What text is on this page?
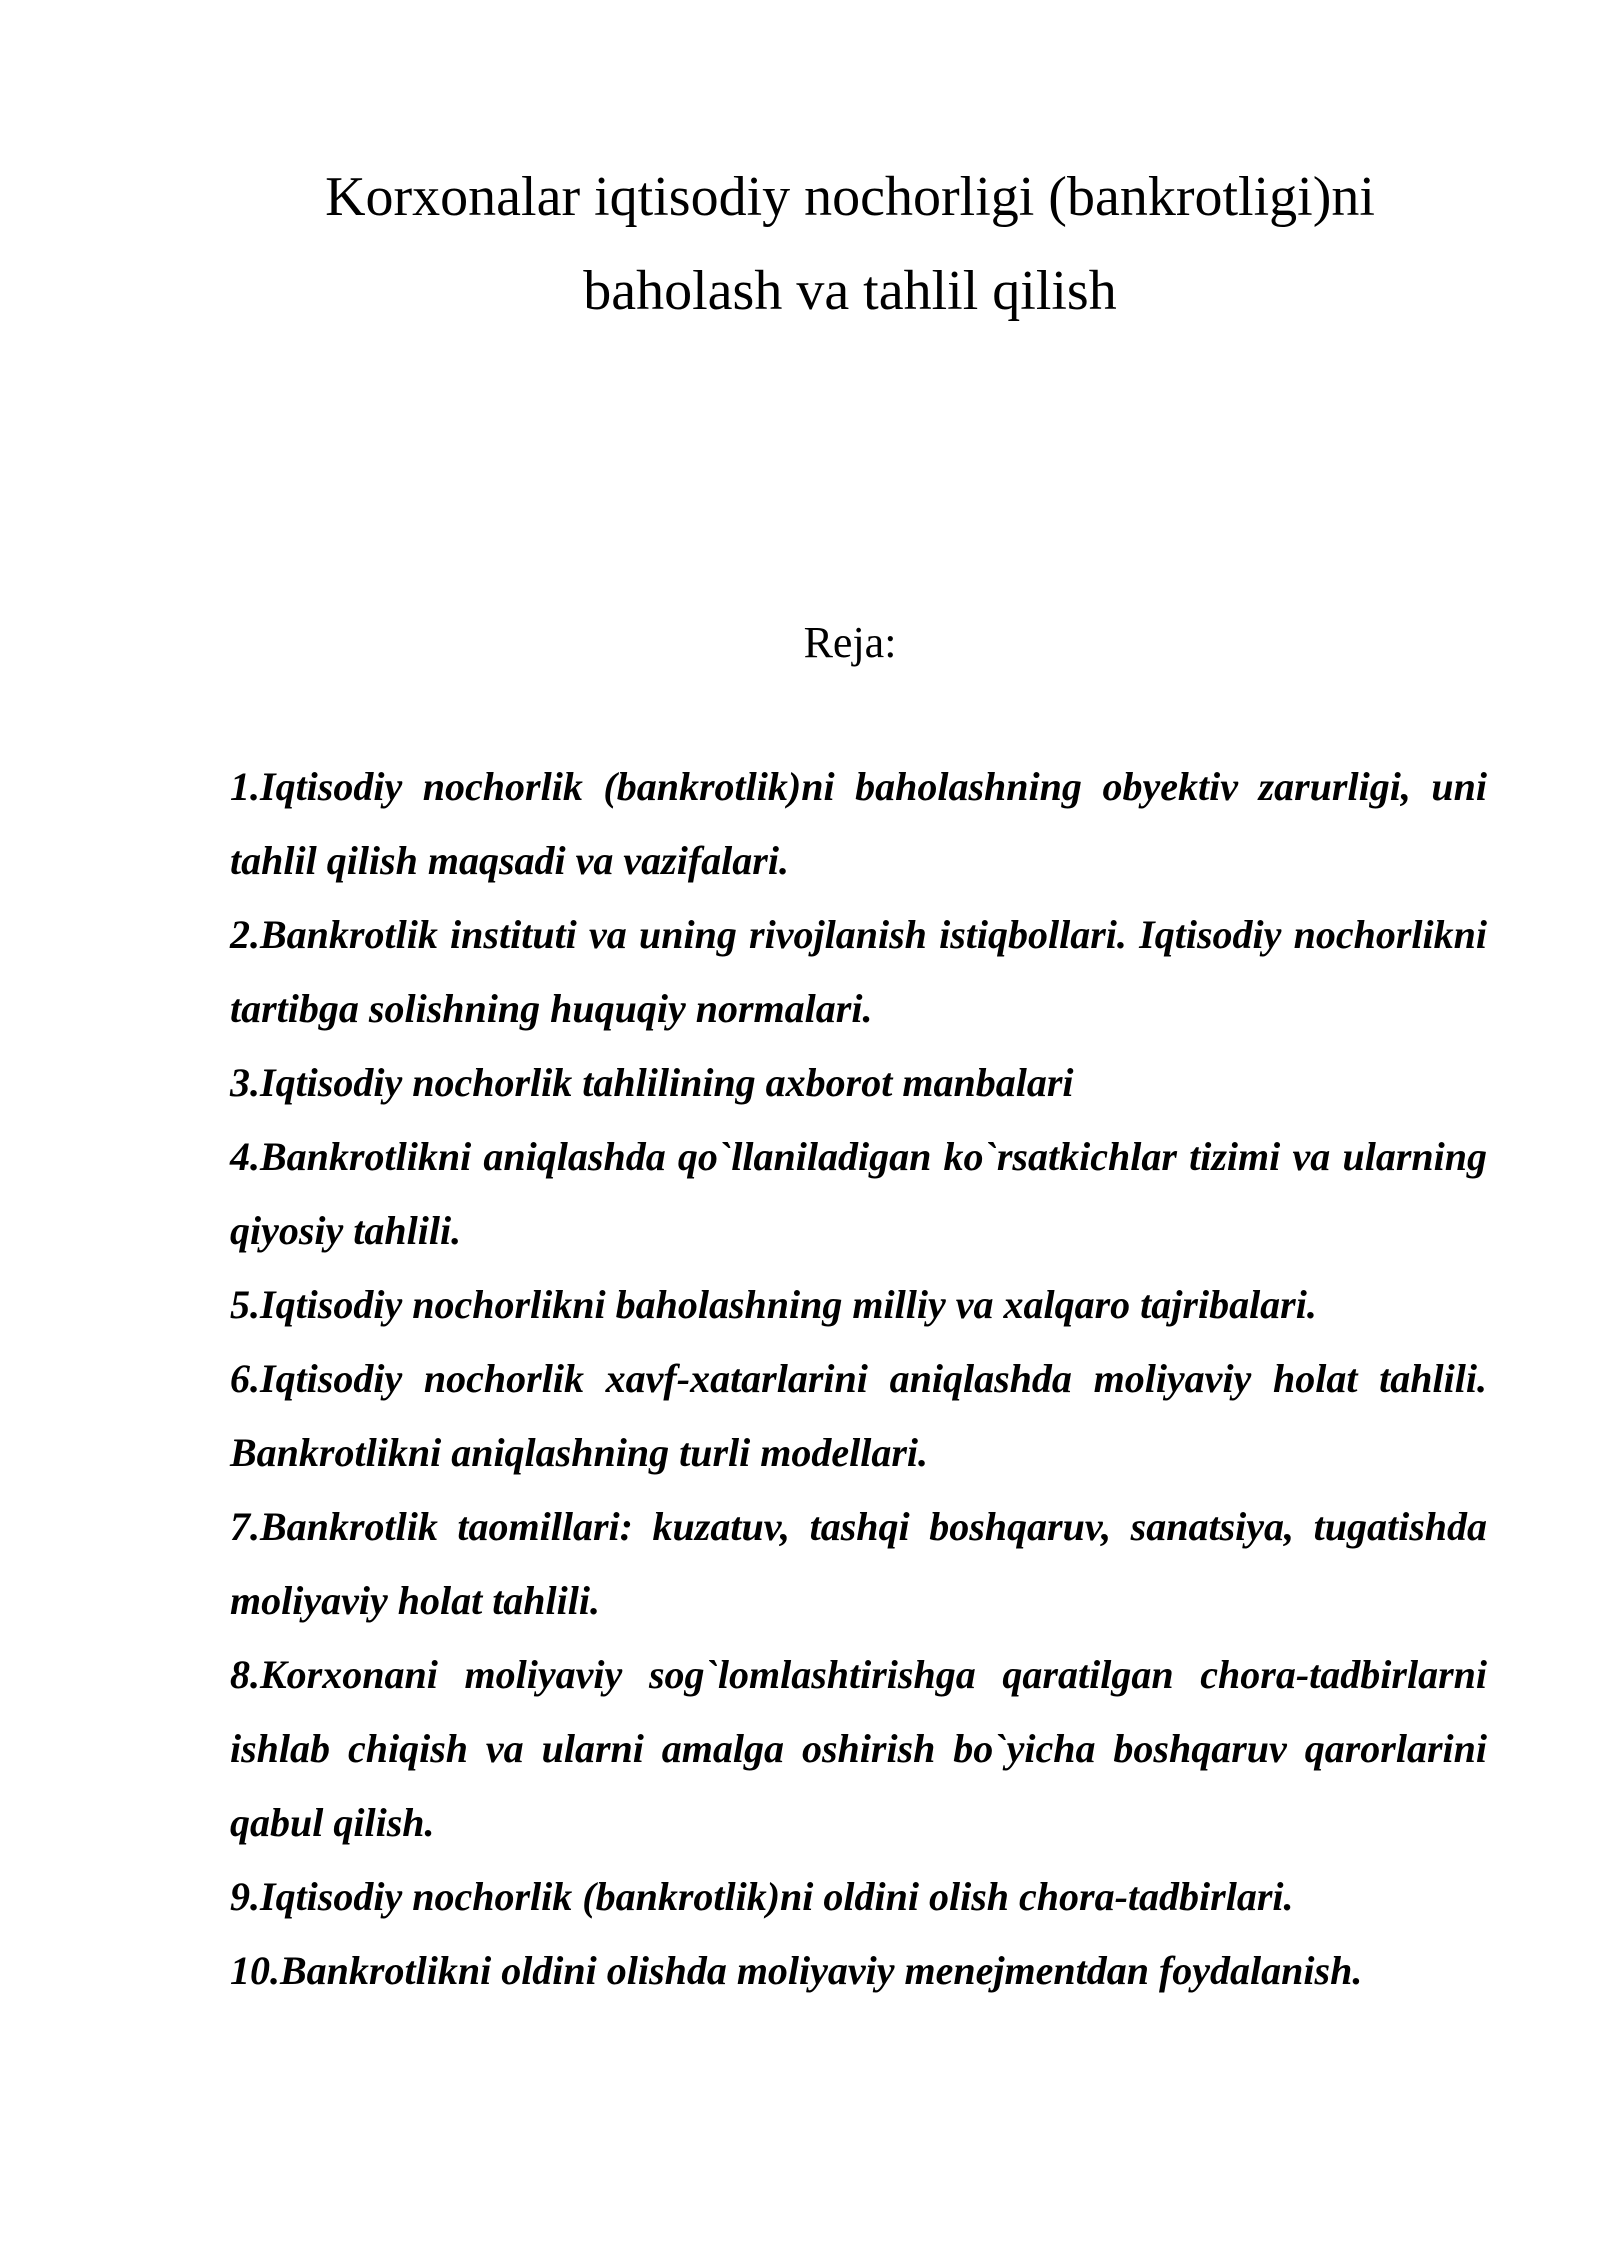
Korxonalar iqtisodiy nochorligi (bankrotligi)ni
baholash va tahlil qilish

Reja:

1.Iqtisodiy nochorlik (bankrotlik)ni baholashning obyektiv zarurligi, uni tahlil qilish maqsadi va vazifalari.
2.Bankrotlik instituti va uning rivojlanish istiqbollari. Iqtisodiy nochorlikni tartibga solishning huquqiy normalari.
3.Iqtisodiy nochorlik tahlilining axborot manbalari
4.Bankrotlikni aniqlashda qo`llaniladigan ko`rsatkichlar tizimi va ularning qiyosiy tahlili.
5.Iqtisodiy nochorlikni baholashning milliy va xalqaro tajribalari.
6.Iqtisodiy nochorlik xavf-xatarlarini aniqlashda moliyaviy holat tahlili. Bankrotlikni aniqlashning turli modellari.
7.Bankrotlik taomillari: kuzatuv, tashqi boshqaruv, sanatsiya, tugatishda moliyaviy holat tahlili.
8.Korxonani moliyaviy sog`lomlashtirishga qaratilgan chora-tadbirlarni ishlab chiqish va ularni amalga oshirish bo`yicha boshqaruv qarorlarini qabul qilish.
9.Iqtisodiy nochorlik (bankrotlik)ni oldini olish chora-tadbirlari.
10.Bankrotlikni oldini olishda moliyaviy menejmentdan foydalanish.
